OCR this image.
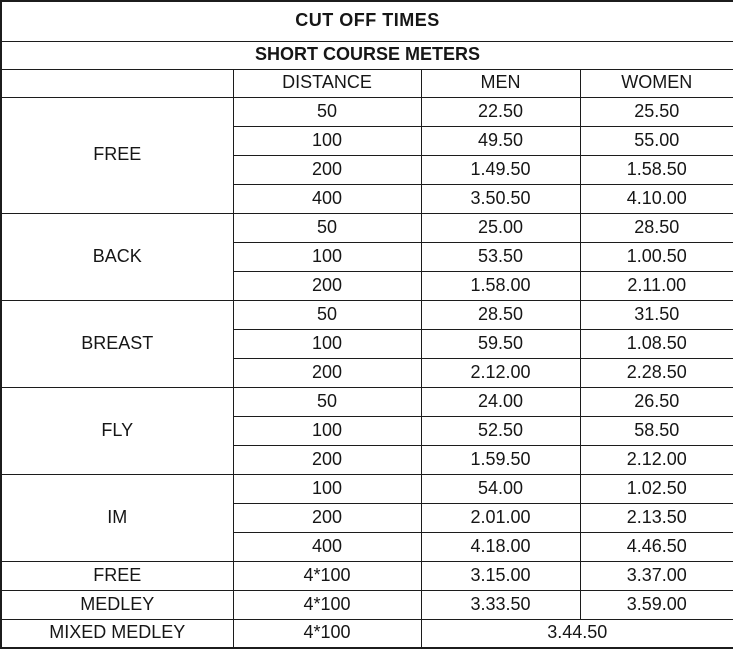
CUT OFF TIMES			
SHORT COURSE METERS			
	DISTANCE	MEN	WOMEN
FREE	50	22.50	25.50
	100	49.50	55.00
	200	1.49.50	1.58.50
	400	3.50.50	4.10.00
BACK	50	25.00	28.50
	100	53.50	1.00.50
	200	1.58.00	2.11.00
BREAST	50	28.50	31.50
	100	59.50	1.08.50
	200	2.12.00	2.28.50
FLY	50	24.00	26.50
	100	52.50	58.50
	200	1.59.50	2.12.00
IM	100	54.00	1.02.50
	200	2.01.00	2.13.50
	400	4.18.00	4.46.50
FREE	4*100	3.15.00	3.37.00
MEDLEY	4*100	3.33.50	3.59.00
MIXED MEDLEY	4*100	3.44.50	
